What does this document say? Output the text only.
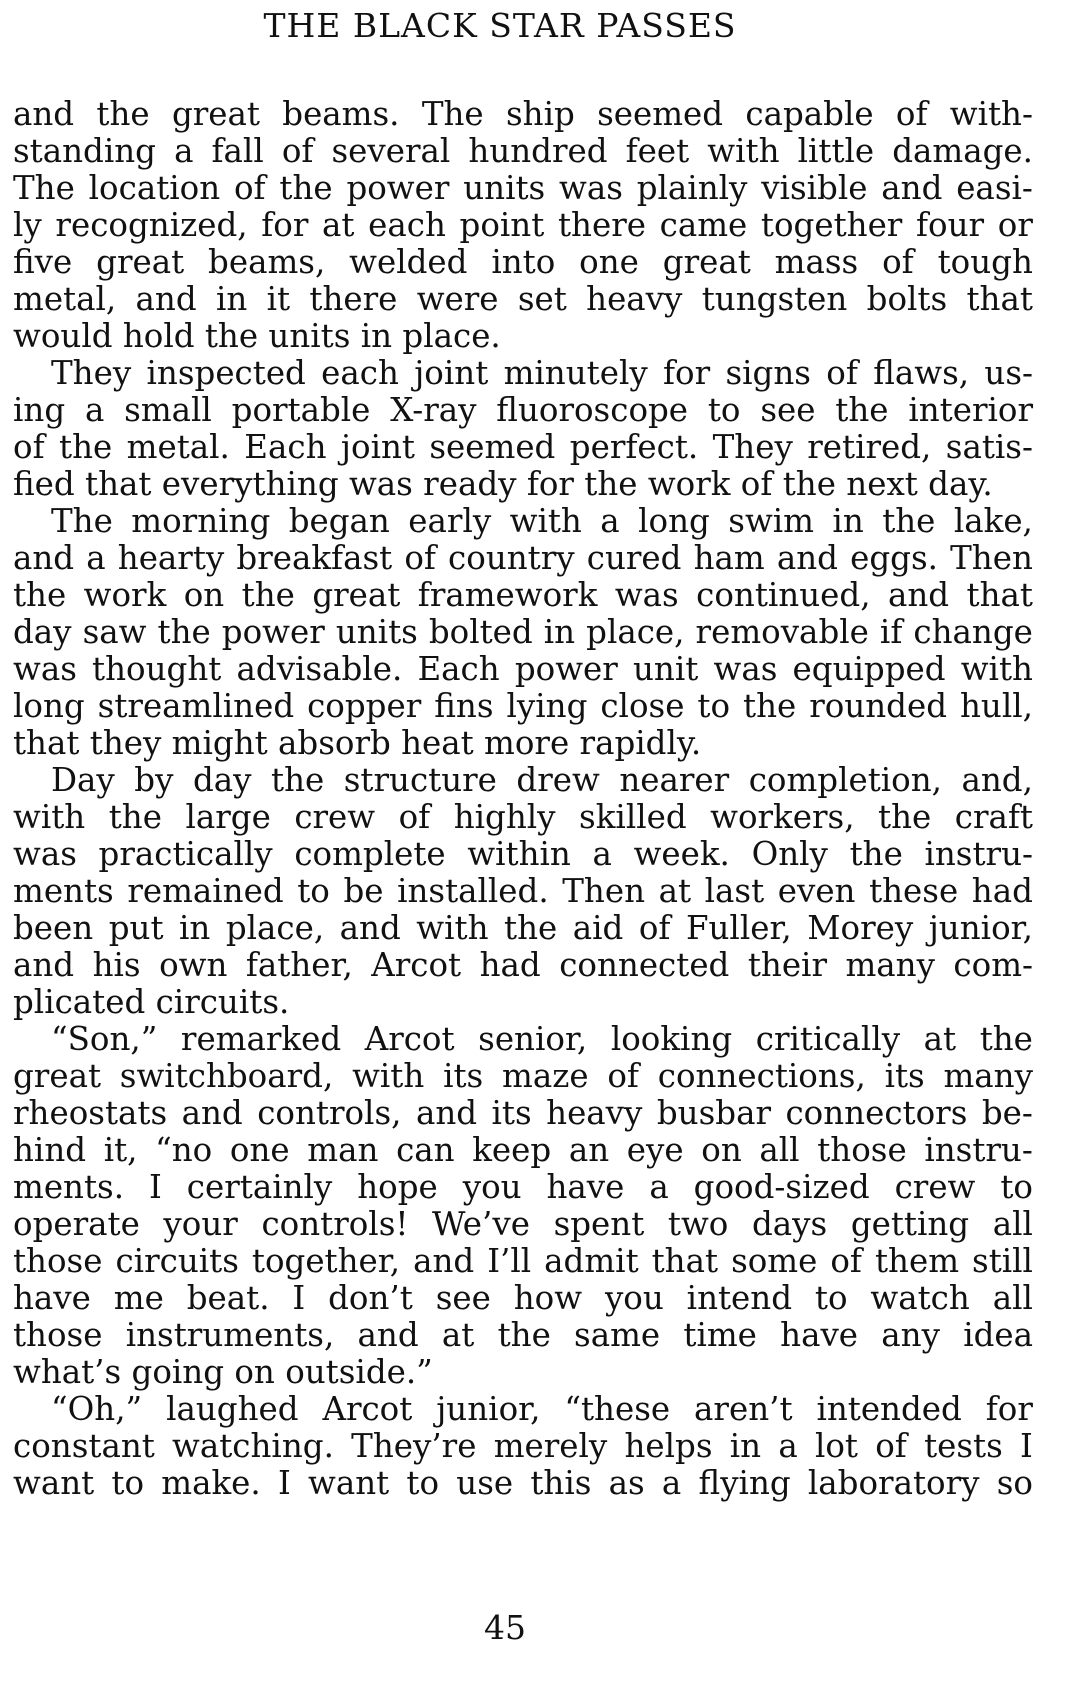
THE BLACK STAR PASSES
and the great beams. The ship seemed capable of with-
standing a fall of several hundred feet with little damage.
The location of the power units was plainly visible and easi-
ly recognized, for at each point there came together four or
five great beams, welded into one great mass of tough
metal, and in it there were set heavy tungsten bolts that
would hold the units in place.
They inspected each joint minutely for signs of flaws, us-
ing a small portable X-ray fluoroscope to see the interior
of the metal. Each joint seemed perfect. They retired, satis-
fied that everything was ready for the work of the next day.
The morning began early with a long swim in the lake,
and a hearty breakfast of country cured ham and eggs. Then
the work on the great framework was continued, and that
day saw the power units bolted in place, removable if change
was thought advisable. Each power unit was equipped with
long streamlined copper fins lying close to the rounded hull,
that they might absorb heat more rapidly.
Day by day the structure drew nearer completion, and,
with the large crew of highly skilled workers, the craft
was practically complete within a week. Only the instru-
ments remained to be installed. Then at last even these had
been put in place, and with the aid of Fuller, Morey junior,
and his own father, Arcot had connected their many com-
plicated circuits.
“Son,” remarked Arcot senior, looking critically at the
great switchboard, with its maze of connections, its many
rheostats and controls, and its heavy busbar connectors be-
hind it, “no one man can keep an eye on all those instru-
ments. I certainly hope you have a good-sized crew to
operate your controls! We’ve spent two days getting all
those circuits together, and I’ll admit that some of them still
have me beat. I don’t see how you intend to watch all
those instruments, and at the same time have any idea
what’s going on outside.”
“Oh,” laughed Arcot junior, “these aren’t intended for
constant watching. They’re merely helps in a lot of tests I
want to make. I want to use this as a flying laboratory so
45
